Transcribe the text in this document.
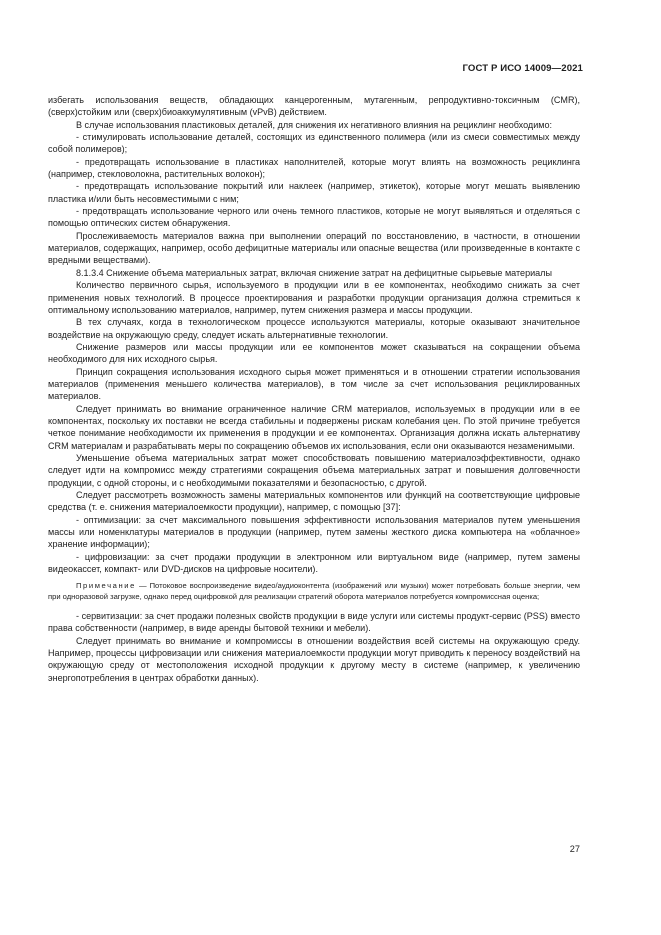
ГОСТ Р ИСО 14009—2021

избегать использования веществ, обладающих канцерогенным, мутагенным, репродуктивно-токсичным (CMR), (сверх)стойким или (сверх)биоаккумулятивным (vPvB) действием.

В случае использования пластиковых деталей, для снижения их негативного влияния на рециклинг необходимо:

- стимулировать использование деталей, состоящих из единственного полимера (или из смеси совместимых между собой полимеров);

- предотвращать использование в пластиках наполнителей, которые могут влиять на возможность рециклинга (например, стекловолокна, растительных волокон);

- предотвращать использование покрытий или наклеек (например, этикеток), которые могут мешать выявлению пластика и/или быть несовместимыми с ним;

- предотвращать использование черного или очень темного пластиков, которые не могут выявляться и отделяться с помощью оптических систем обнаружения.

Прослеживаемость материалов важна при выполнении операций по восстановлению, в частности, в отношении материалов, содержащих, например, особо дефицитные материалы или опасные вещества (или произведенные в контакте с вредными веществами).

8.1.3.4 Снижение объема материальных затрат, включая снижение затрат на дефицитные сырьевые материалы

Количество первичного сырья, используемого в продукции или в ее компонентах, необходимо снижать за счет применения новых технологий. В процессе проектирования и разработки продукции организация должна стремиться к оптимальному использованию материалов, например, путем снижения размера и массы продукции.

В тех случаях, когда в технологическом процессе используются материалы, которые оказывают значительное воздействие на окружающую среду, следует искать альтернативные технологии.

Снижение размеров или массы продукции или ее компонентов может сказываться на сокращении объема необходимого для них исходного сырья.

Принцип сокращения использования исходного сырья может применяться и в отношении стратегии использования материалов (применения меньшего количества материалов), в том числе за счет использования рециклированных материалов.

Следует принимать во внимание ограниченное наличие CRM материалов, используемых в продукции или в ее компонентах, поскольку их поставки не всегда стабильны и подвержены рискам колебания цен. По этой причине требуется четкое понимание необходимости их применения в продукции и ее компонентах. Организация должна искать альтернативу CRM материалам и разрабатывать меры по сокращению объемов их использования, если они оказываются незаменимыми.

Уменьшение объема материальных затрат может способствовать повышению материалоэффективности, однако следует идти на компромисс между стратегиями сокращения объема материальных затрат и повышения долговечности продукции, с одной стороны, и с необходимыми показателями и безопасностью, с другой.

Следует рассмотреть возможность замены материальных компонентов или функций на соответствующие цифровые средства (т. е. снижения материалоемкости продукции), например, с помощью [37]:

- оптимизации: за счет максимального повышения эффективности использования материалов путем уменьшения массы или номенклатуры материалов в продукции (например, путем замены жесткого диска компьютера на «облачное» хранение информации);

- цифровизации: за счет продажи продукции в электронном или виртуальном виде (например, путем замены видеокассет, компакт- или DVD-дисков на цифровые носители).

Примечание — Потоковое воспроизведение видео/аудиоконтента (изображений или музыки) может потребовать больше энергии, чем при одноразовой загрузке, однако перед оцифровкой для реализации стратегий оборота материалов потребуется компромиссная оценка;

- сервитизации: за счет продажи полезных свойств продукции в виде услуги или системы продукт-сервис (PSS) вместо права собственности (например, в виде аренды бытовой техники и мебели).

Следует принимать во внимание и компромиссы в отношении воздействия всей системы на окружающую среду. Например, процессы цифровизации или снижения материалоемкости продукции могут приводить к переносу воздействий на окружающую среду от местоположения исходной продукции к другому месту в системе (например, к увеличению энергопотребления в центрах обработки данных).

27
